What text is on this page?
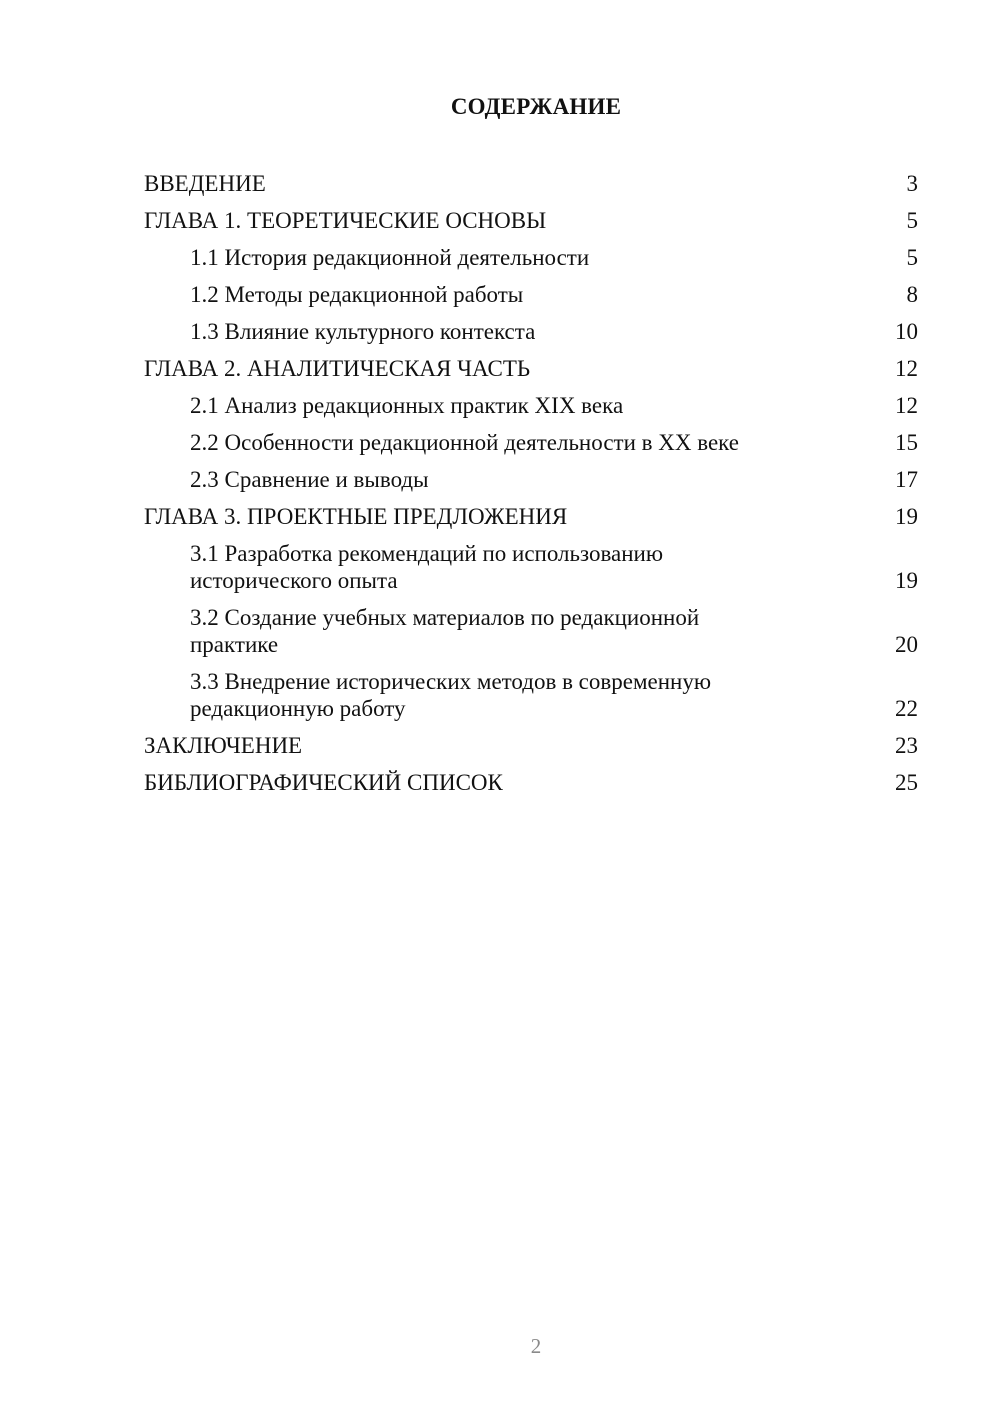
СОДЕРЖАНИЕ
ВВЕДЕНИЕ	3
ГЛАВА 1. ТЕОРЕТИЧЕСКИЕ ОСНОВЫ	5
1.1 История редакционной деятельности	5
1.2 Методы редакционной работы	8
1.3 Влияние культурного контекста	10
ГЛАВА 2. АНАЛИТИЧЕСКАЯ ЧАСТЬ	12
2.1 Анализ редакционных практик XIX века	12
2.2 Особенности редакционной деятельности в XX веке	15
2.3 Сравнение и выводы	17
ГЛАВА 3. ПРОЕКТНЫЕ ПРЕДЛОЖЕНИЯ	19
3.1 Разработка рекомендаций по использованию исторического опыта	19
3.2 Создание учебных материалов по редакционной практике	20
3.3 Внедрение исторических методов в современную редакционную работу	22
ЗАКЛЮЧЕНИЕ	23
БИБЛИОГРАФИЧЕСКИЙ СПИСОК	25
2
